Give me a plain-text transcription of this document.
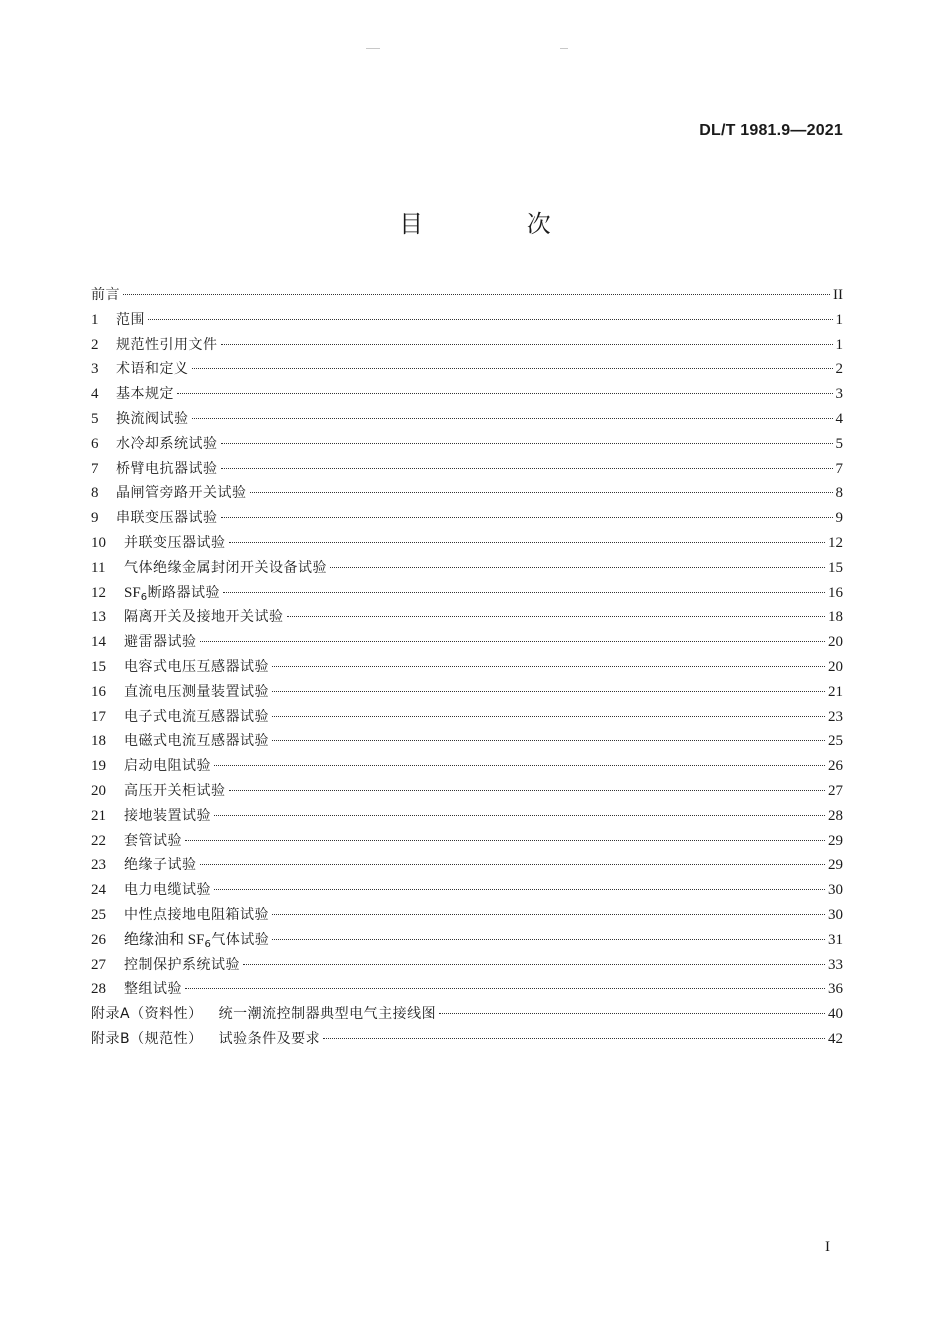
DL/T 1981.9—2021
目 次
前言	II
1	范围	1
2	规范性引用文件	1
3	术语和定义	2
4	基本规定	3
5	换流阀试验	4
6	水冷却系统试验	5
7	桥臂电抗器试验	7
8	晶闸管旁路开关试验	8
9	串联变压器试验	9
10	并联变压器试验	12
11	气体绝缘金属封闭开关设备试验	15
12	$SF_6$断路器试验	16
13	隔离开关及接地开关试验	18
14	避雷器试验	20
15	电容式电压互感器试验	20
16	直流电压测量装置试验	21
17	电子式电流互感器试验	23
18	电磁式电流互感器试验	25
19	启动电阻试验	26
20	高压开关柜试验	27
21	接地装置试验	28
22	套管试验	29
23	绝缘子试验	29
24	电力电缆试验	30
25	中性点接地电阻箱试验	30
26	绝缘油和 $SF_6$气体试验	31
27	控制保护系统试验	33
28	整组试验	36
附录A（资料性） 统一潮流控制器典型电气主接线图	40
附录B（规范性） 试验条件及要求	42
I
